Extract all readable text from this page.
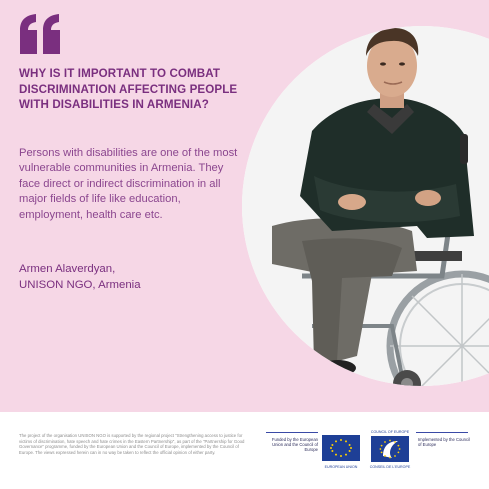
WHY IS IT IMPORTANT TO COMBAT DISCRIMINATION AFFECTING PEOPLE WITH DISABILITIES IN ARMENIA?
Persons with disabilities are one of the most vulnerable communities in Armenia. They face direct or indirect discrimination in all major fields of life like education, employment, health care etc.
Armen Alaverdyan,
UNISON NGO, Armenia
The project of the organisation UNISON NGO is supported by the regional project "Strengthening access to justice for victims of discrimination, hate speech and hate crimes in the Eastern Partnership", as part of the "Partnership for Good Governance" programme, funded by the European Union and the Council of Europe, implemented by the Council of Europe. The views expressed herein can in no way be taken to reflect the official opinion of either party.
Funded by the European Union and the Council of Europe
EUROPEAN UNION
COUNCIL OF EUROPE
CONSEIL DE L'EUROPE
Implemented by the Council of Europe
